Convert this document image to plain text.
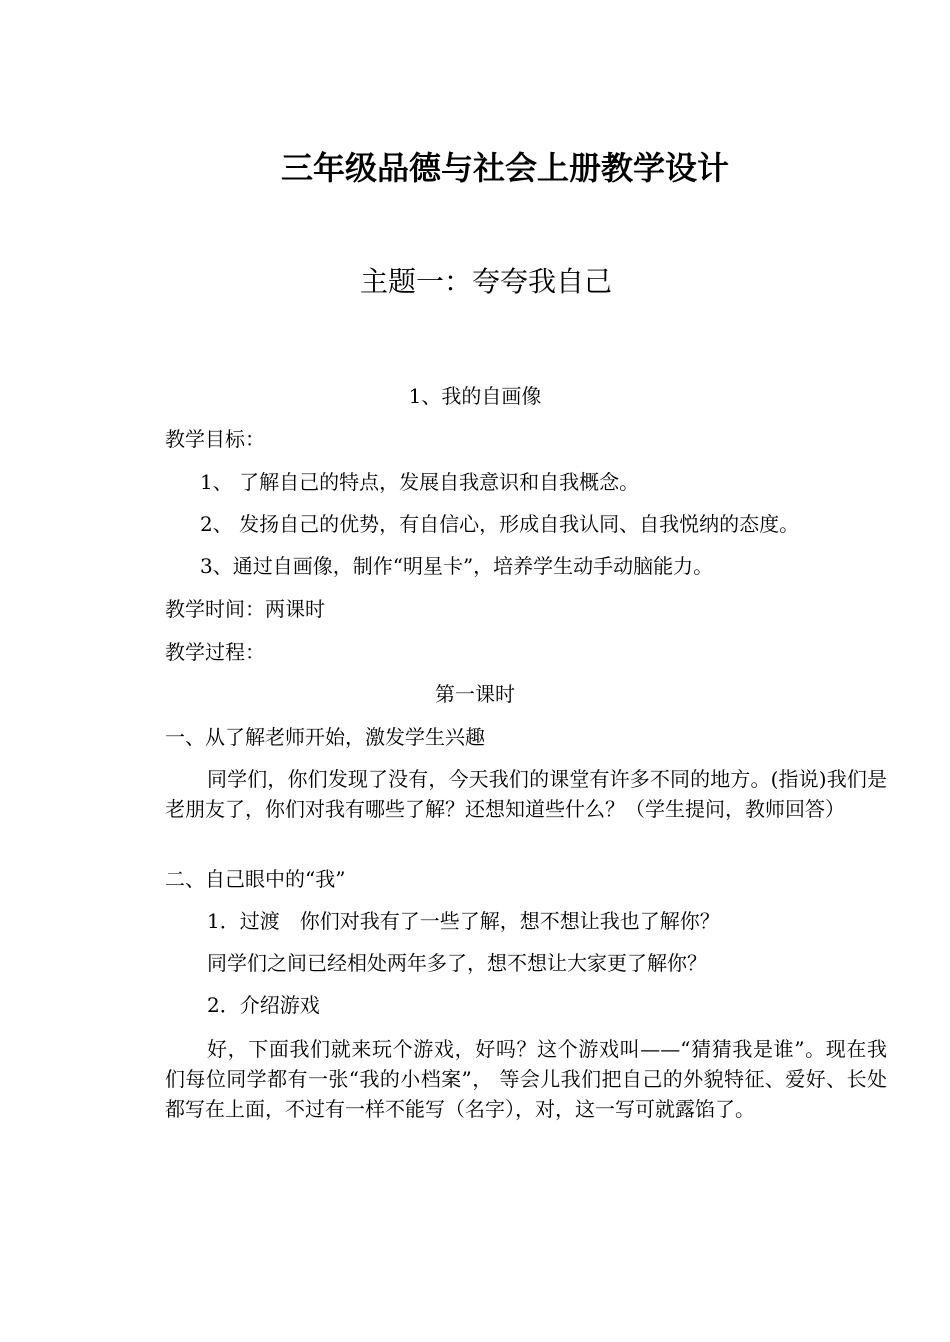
三年级品德与社会上册教学设计
主题一：夸夸我自己
1、我的自画像
教学目标：
1、 了解自己的特点，发展自我意识和自我概念。
2、 发扬自己的优势，有自信心，形成自我认同、自我悦纳的态度。
3、通过自画像，制作“明星卡”，培养学生动手动脑能力。
教学时间：两课时
教学过程：
第一课时
一、从了解老师开始，激发学生兴趣
同学们，你们发现了没有，今天我们的课堂有许多不同的地方。(指说)我们是老朋友了，你们对我有哪些了解？还想知道些什么？（学生提问，教师回答）
二、自己眼中的“我”
1．过渡　你们对我有了一些了解，想不想让我也了解你？
同学们之间已经相处两年多了，想不想让大家更了解你？
2．介绍游戏
好，下面我们就来玩个游戏，好吗？这个游戏叫——“猜猜我是谁”。现在我们每位同学都有一张“我的小档案”， 等会儿我们把自己的外貌特征、爱好、长处都写在上面，不过有一样不能写（名字），对，这一写可就露馅了。
